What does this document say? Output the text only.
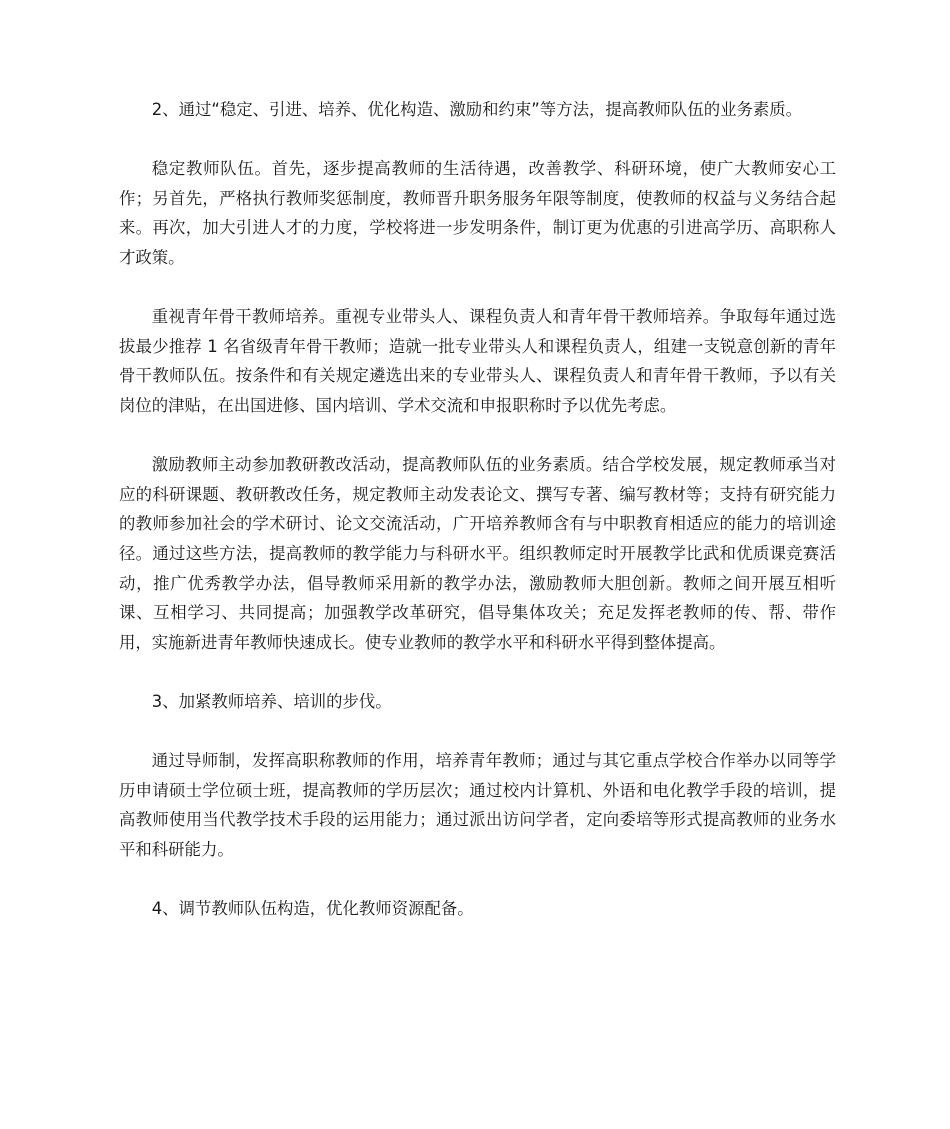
2、通过“稳定、引进、培养、优化构造、激励和约束”等方法，提高教师队伍的业务素质。

稳定教师队伍。首先，逐步提高教师的生活待遇，改善教学、科研环境，使广大教师安心工作；另首先，严格执行教师奖惩制度，教师晋升职务服务年限等制度，使教师的权益与义务结合起来。再次，加大引进人才的力度，学校将进一步发明条件，制订更为优惠的引进高学历、高职称人才政策。

重视青年骨干教师培养。重视专业带头人、课程负责人和青年骨干教师培养。争取每年通过选拔最少推荐 1 名省级青年骨干教师；造就一批专业带头人和课程负责人，组建一支锐意创新的青年骨干教师队伍。按条件和有关规定遴选出来的专业带头人、课程负责人和青年骨干教师，予以有关岗位的津贴，在出国进修、国内培训、学术交流和申报职称时予以优先考虑。

激励教师主动参加教研教改活动，提高教师队伍的业务素质。结合学校发展，规定教师承当对应的科研课题、教研教改任务，规定教师主动发表论文、撰写专著、编写教材等；支持有研究能力的教师参加社会的学术研讨、论文交流活动，广开培养教师含有与中职教育相适应的能力的培训途径。通过这些方法，提高教师的教学能力与科研水平。组织教师定时开展教学比武和优质课竞赛活动，推广优秀教学办法，倡导教师采用新的教学办法，激励教师大胆创新。教师之间开展互相听课、互相学习、共同提高；加强教学改革研究，倡导集体攻关；充足发挥老教师的传、帮、带作用，实施新进青年教师快速成长。使专业教师的教学水平和科研水平得到整体提高。

3、加紧教师培养、培训的步伐。

通过导师制，发挥高职称教师的作用，培养青年教师；通过与其它重点学校合作举办以同等学历申请硕士学位硕士班，提高教师的学历层次；通过校内计算机、外语和电化教学手段的培训，提高教师使用当代教学技术手段的运用能力；通过派出访问学者，定向委培等形式提高教师的业务水平和科研能力。

4、调节教师队伍构造，优化教师资源配备。
